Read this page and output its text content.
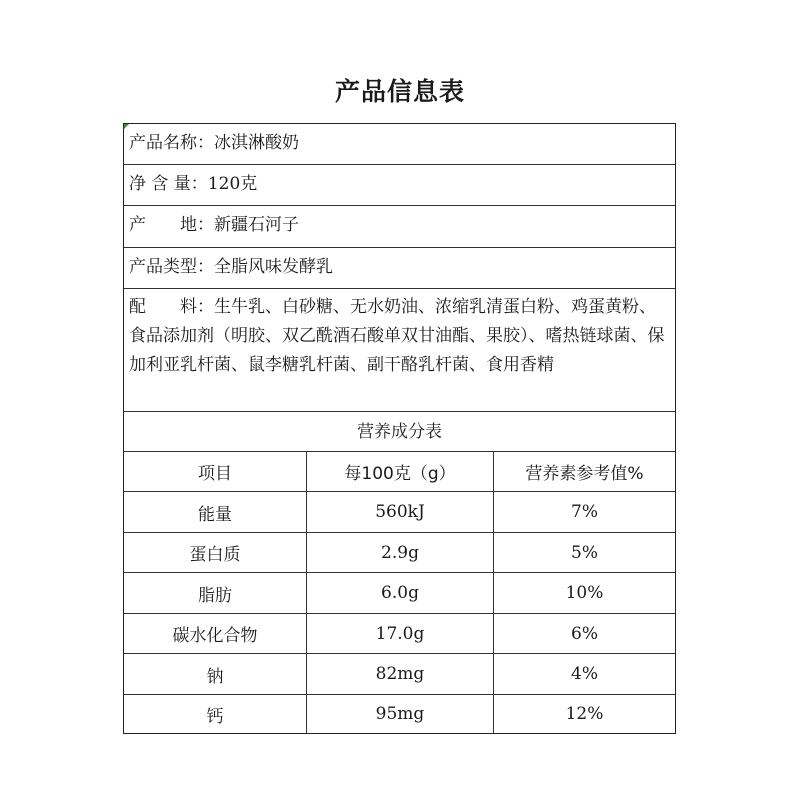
产品信息表
产品名称：冰淇淋酸奶
净 含 量：120克
产　　地：新疆石河子
产品类型：全脂风味发酵乳
配　　料：生牛乳、白砂糖、无水奶油、浓缩乳清蛋白粉、鸡蛋黄粉、食品添加剂（明胶、双乙酰酒石酸单双甘油酯、果胶）、嗜热链球菌、保加利亚乳杆菌、鼠李糖乳杆菌、副干酪乳杆菌、食用香精
营养成分表
项目	每100克（g）	营养素参考值%
能量	560kJ	7%
蛋白质	2.9g	5%
脂肪	6.0g	10%
碳水化合物	17.0g	6%
钠	82mg	4%
钙	95mg	12%
